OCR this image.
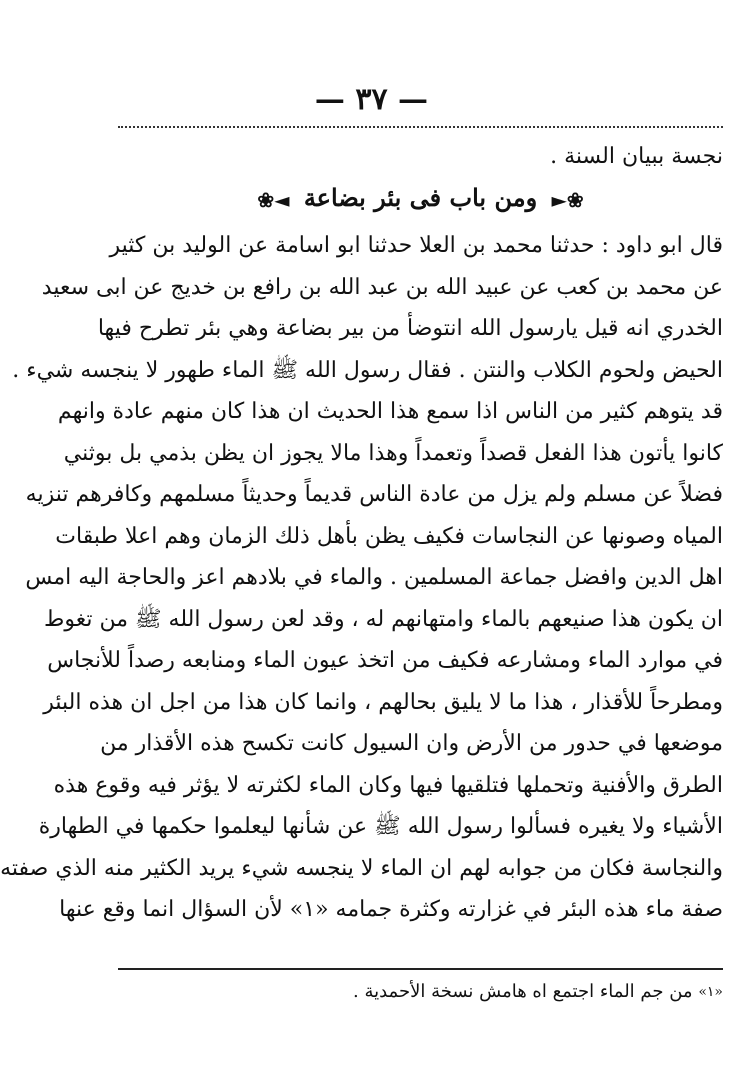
— ٣٧ —
نجسة ببيان السنة .
❀► ومن باب فى بئر بضاعة ◄❀
قال ابو داود : حدثنا محمد بن العلا حدثنا ابو اسامة عن الوليد بن كثير
عن محمد بن كعب عن عبيد الله بن عبد الله بن رافع بن خديج عن ابى سعيد
الخدري انه قيل يارسول الله انتوضأ من بير بضاعة وهي بئر تطرح فيها
الحيض ولحوم الكلاب والنتن . فقال رسول الله ﷺ الماء طهور لا ينجسه شيء .
قد يتوهم كثير من الناس اذا سمع هذا الحديث ان هذا كان منهم عادة وانهم
كانوا يأتون هذا الفعل قصداً وتعمداً وهذا مالا يجوز ان يظن بذمي بل بوثني
فضلاً عن مسلم ولم يزل من عادة الناس قديماً وحديثاً مسلمهم وكافرهم تنزيه
المياه وصونها عن النجاسات فكيف يظن بأهل ذلك الزمان وهم اعلا طبقات
اهل الدين وافضل جماعة المسلمين . والماء في بلادهم اعز والحاجة اليه امس
ان يكون هذا صنيعهم بالماء وامتهانهم له ، وقد لعن رسول الله ﷺ من تغوط
في موارد الماء ومشارعه فكيف من اتخذ عيون الماء ومنابعه رصداً للأنجاس
ومطرحاً للأقذار ، هذا ما لا يليق بحالهم ، وانما كان هذا من اجل ان هذه البئر
موضعها في حدور من الأرض وان السيول كانت تكسح هذه الأقذار من
الطرق والأفنية وتحملها فتلقيها فيها وكان الماء لكثرته لا يؤثر فيه وقوع هذه
الأشياء ولا يغيره فسألوا رسول الله ﷺ عن شأنها ليعلموا حكمها في الطهارة
والنجاسة فكان من جوابه لهم ان الماء لا ينجسه شيء يريد الكثير منه الذي صفته
صفة ماء هذه البئر في غزارته وكثرة جمامه «١» لأن السؤال انما وقع عنها
$^{«١»}$ من جم الماء اجتمع اه هامش نسخة الأحمدية .
